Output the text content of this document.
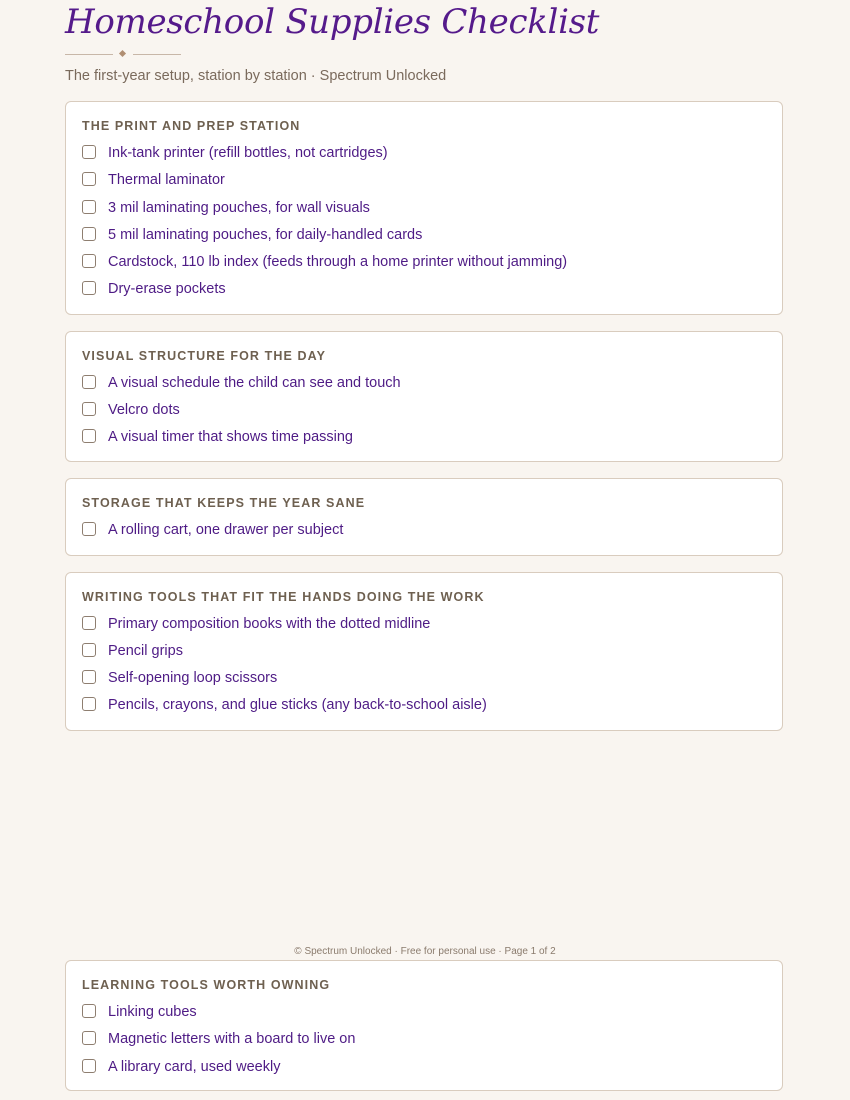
Homeschool Supplies Checklist
The first-year setup, station by station · Spectrum Unlocked
THE PRINT AND PREP STATION
Ink-tank printer (refill bottles, not cartridges)
Thermal laminator
3 mil laminating pouches, for wall visuals
5 mil laminating pouches, for daily-handled cards
Cardstock, 110 lb index (feeds through a home printer without jamming)
Dry-erase pockets
VISUAL STRUCTURE FOR THE DAY
A visual schedule the child can see and touch
Velcro dots
A visual timer that shows time passing
STORAGE THAT KEEPS THE YEAR SANE
A rolling cart, one drawer per subject
WRITING TOOLS THAT FIT THE HANDS DOING THE WORK
Primary composition books with the dotted midline
Pencil grips
Self-opening loop scissors
Pencils, crayons, and glue sticks (any back-to-school aisle)
© Spectrum Unlocked · Free for personal use · Page 1 of 2
LEARNING TOOLS WORTH OWNING
Linking cubes
Magnetic letters with a board to live on
A library card, used weekly
